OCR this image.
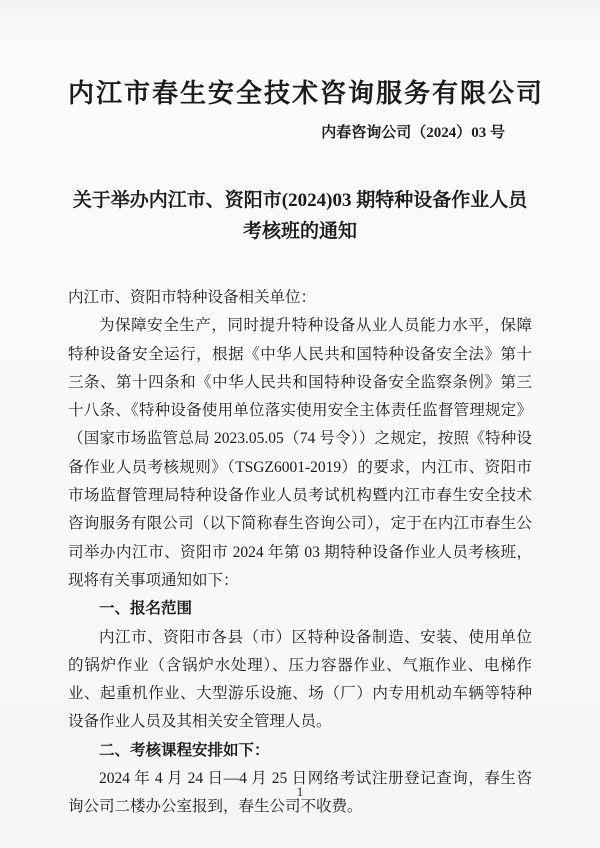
内江市春生安全技术咨询服务有限公司
内春咨询公司（2024）03 号
关于举办内江市、资阳市(2024)03 期特种设备作业人员
考核班的通知

内江市、资阳市特种设备相关单位：

为保障安全生产，同时提升特种设备从业人员能力水平，保障特种设备安全运行，根据《中华人民共和国特种设备安全法》第十三条、第十四条和《中华人民共和国特种设备安全监察条例》第三十八条、《特种设备使用单位落实使用安全主体责任监督管理规定》（国家市场监管总局 2023.05.05（74 号令））之规定，按照《特种设备作业人员考核规则》（TSGZ6001-2019）的要求，内江市、资阳市市场监督管理局特种设备作业人员考试机构暨内江市春生安全技术咨询服务有限公司（以下简称春生咨询公司），定于在内江市春生公司举办内江市、资阳市 2024 年第 03 期特种设备作业人员考核班，现将有关事项通知如下：

一、报名范围

内江市、资阳市各县（市）区特种设备制造、安装、使用单位的锅炉作业（含锅炉水处理）、压力容器作业、气瓶作业、电梯作业、起重机作业、大型游乐设施、场（厂）内专用机动车辆等特种设备作业人员及其相关安全管理人员。

二、考核课程安排如下：

2024 年 4 月 24 日—4 月 25 日网络考试注册登记查询，春生咨询公司二楼办公室报到，春生公司不收费。

1
